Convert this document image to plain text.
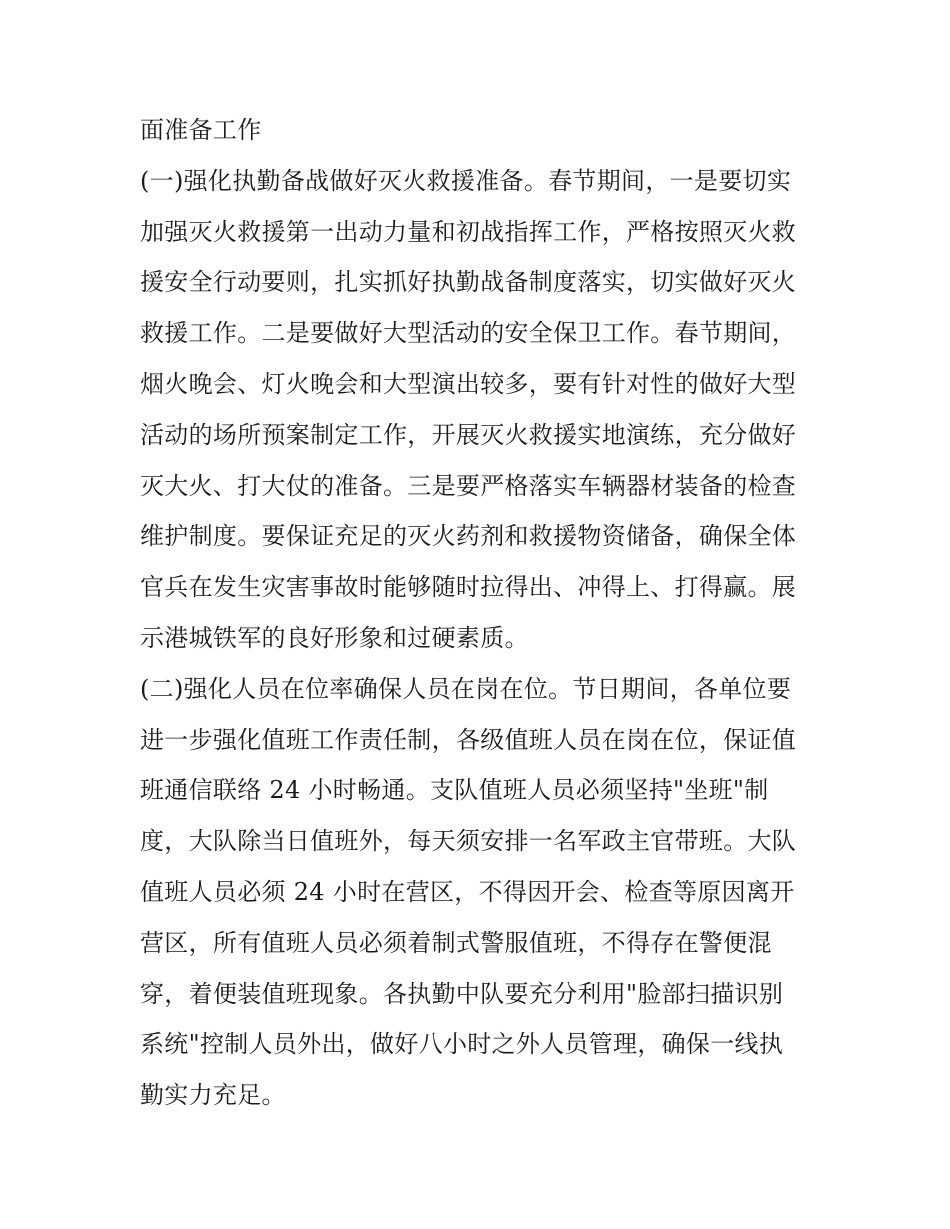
面准备工作
(一)强化执勤备战做好灭火救援准备。春节期间，一是要切实
加强灭火救援第一出动力量和初战指挥工作，严格按照灭火救
援安全行动要则，扎实抓好执勤战备制度落实，切实做好灭火
救援工作。二是要做好大型活动的安全保卫工作。春节期间，
烟火晚会、灯火晚会和大型演出较多，要有针对性的做好大型
活动的场所预案制定工作，开展灭火救援实地演练，充分做好
灭大火、打大仗的准备。三是要严格落实车辆器材装备的检查
维护制度。要保证充足的灭火药剂和救援物资储备，确保全体
官兵在发生灾害事故时能够随时拉得出、冲得上、打得赢。展
示港城铁军的良好形象和过硬素质。
(二)强化人员在位率确保人员在岗在位。节日期间，各单位要
进一步强化值班工作责任制，各级值班人员在岗在位，保证值
班通信联络 24 小时畅通。支队值班人员必须坚持"坐班"制
度，大队除当日值班外，每天须安排一名军政主官带班。大队
值班人员必须 24 小时在营区，不得因开会、检查等原因离开
营区，所有值班人员必须着制式警服值班，不得存在警便混
穿，着便装值班现象。各执勤中队要充分利用"脸部扫描识别
系统"控制人员外出，做好八小时之外人员管理，确保一线执
勤实力充足。
